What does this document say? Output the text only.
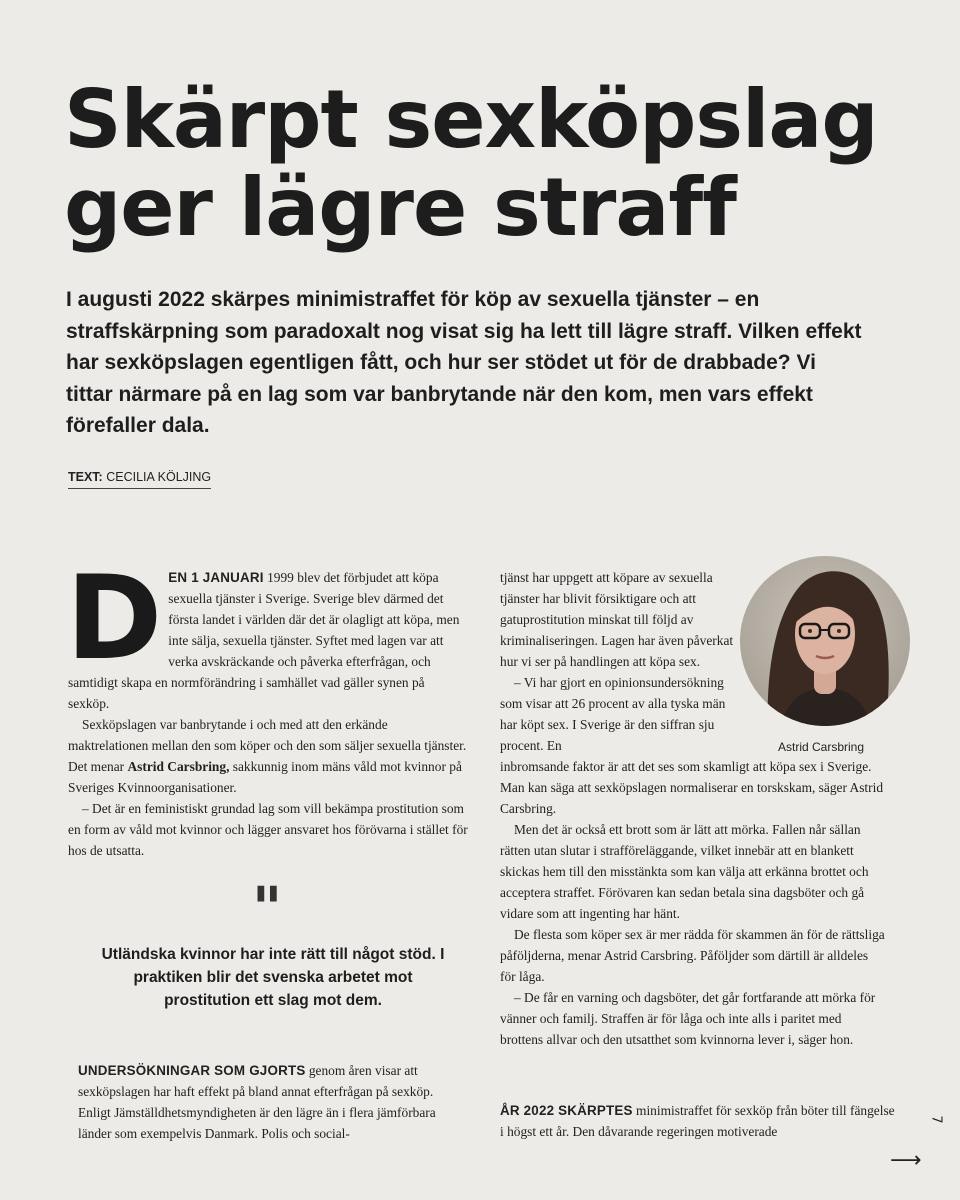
Skärpt sexköpslag
ger lägre straff

I augusti 2022 skärpes minimistraffet för köp av sexuella tjänster – en straffskärpning som paradoxalt nog visat sig ha lett till lägre straff. Vilken effekt har sexköpslagen egentligen fått, och hur ser stödet ut för de drabbade? Vi tittar närmare på en lag som var banbrytande när den kom, men vars effekt förefaller dala.

TEXT: CECILIA KÖLJING
D EN 1 JANUARI 1999 blev det förbjudet att köpa sexuella tjänster i Sverige. Sverige blev därmed det första landet i världen där det är olagligt att köpa, men inte sälja, sexuella tjänster. Syftet med lagen var att verka avskräckande och påverka efterfrågan, och samtidigt skapa en normförändring i samhället vad gäller synen på sexköp.

Sexköpslagen var banbrytande i och med att den erkände maktrelationen mellan den som köper och den som säljer sexuella tjänster. Det menar Astrid Carsbring, sakkunnig inom mäns våld mot kvinnor på Sveriges Kvinnoorganisationer.

– Det är en feministiskt grundad lag som vill bekämpa prostitution som en form av våld mot kvinnor och lägger ansvaret hos förövarna i stället för hos de utsatta.

"

Utländska kvinnor har inte rätt till något stöd. I praktiken blir det svenska arbetet mot prostitution ett slag mot dem.

UNDERSÖKNINGAR SOM GJORTS genom åren visar att sexköpslagen har haft effekt på bland annat efterfrågan på sexköp. Enligt Jämställdhetsmyndigheten är den lägre än i flera jämförbara länder som exempelvis Danmark. Polis och social-

tjänst har uppgett att köpare av sexuella tjänster har blivit försiktigare och att gatuprostitution minskat till följd av kriminaliseringen. Lagen har även påverkat hur vi ser på handlingen att köpa sex.

– Vi har gjort en opinionsundersökning som visar att 26 procent av alla tyska män har köpt sex. I Sverige är den siffran sju procent. En

inbromsande faktor är att det ses som skamligt att köpa sex i Sverige. Man kan säga att sexköpslagen normaliserar en torskskam, säger Astrid Carsbring.

Men det är också ett brott som är lätt att mörka. Fallen når sällan rätten utan slutar i strafföreläggande, vilket innebär att en blankett skickas hem till den misstänkta som kan välja att erkänna brottet och acceptera straffet. Förövaren kan sedan betala sina dagsböter och gå vidare som att ingenting har hänt.

De flesta som köper sex är mer rädda för skammen än för de rättsliga påföljderna, menar Astrid Carsbring. Påföljder som därtill är alldeles för låga.

– De får en varning och dagsböter, det går fortfarande att mörka för vänner och familj. Straffen är för låga och inte alls i paritet med brottens allvar och den utsatthet som kvinnorna lever i, säger hon.

Astrid Carsbring

ÅR 2022 SKÄRPTES minimistraffet för sexköp från böter till fängelse i högst ett år. Den dåvarande regeringen motiverade

7
⟶
